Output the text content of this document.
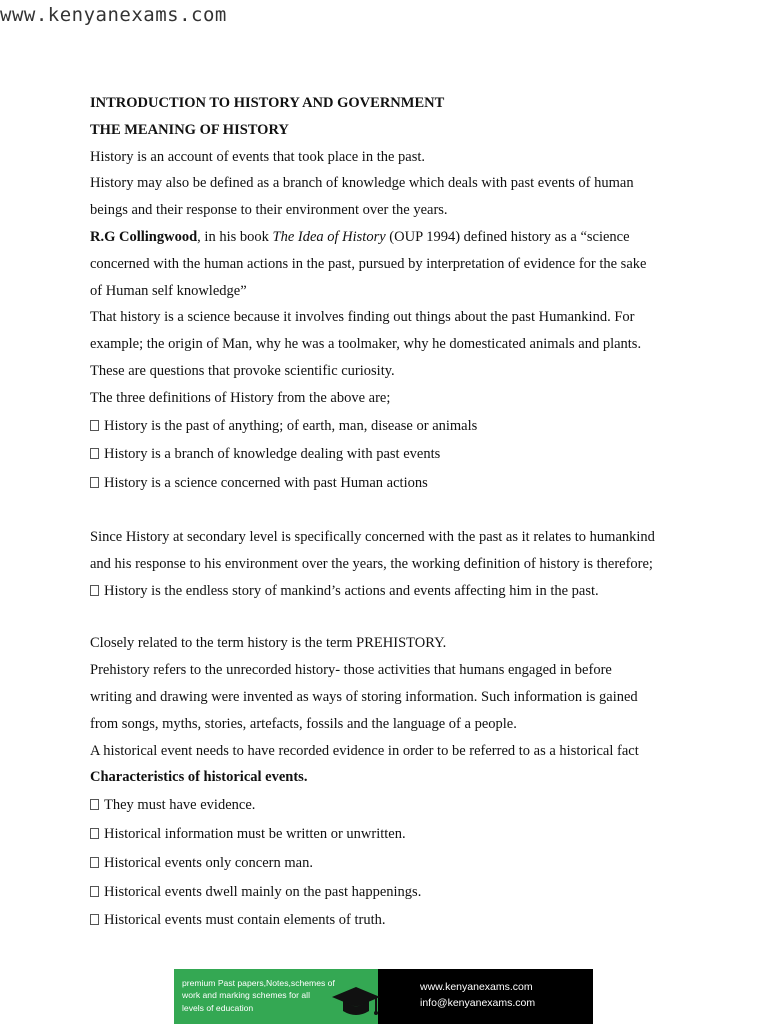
www.kenyanexams.com
INTRODUCTION TO HISTORY AND GOVERNMENT
THE MEANING OF HISTORY
History is an account of events that took place in the past.
History may also be defined as a branch of knowledge which deals with past events of human
beings and their response to their environment over the years.
R.G Collingwood, in his book The Idea of History (OUP 1994) defined history as a “science
concerned with the human actions in the past, pursued by interpretation of evidence for the sake
of Human self knowledge”
That history is a science because it involves finding out things about the past Humankind. For
example; the origin of Man, why he was a toolmaker, why he domesticated animals and plants.
These are questions that provoke scientific curiosity.
The three definitions of History from the above are;
History is the past of anything; of earth, man, disease or animals
History is a branch of knowledge dealing with past events
History is a science concerned with past Human actions
Since History at secondary level is specifically concerned with the past as it relates to humankind
and his response to his environment over the years, the working definition of history is therefore;
History is the endless story of mankind’s actions and events affecting him in the past.
Closely related to the term history is the term PREHISTORY.
Prehistory refers to the unrecorded history- those activities that humans engaged in before
writing and drawing were invented as ways of storing information. Such information is gained
from songs, myths, stories, artefacts, fossils and the language of a people.
A historical event needs to have recorded evidence in order to be referred to as a historical fact
Characteristics of historical events.
They must have evidence.
Historical information must be written or unwritten.
Historical events only concern man.
Historical events dwell mainly on the past happenings.
Historical events must contain elements of truth.
premium Past papers,Notes,schemes of
work and marking schemes for all
levels of education
www.kenyanexams.com
info@kenyanexams.com
